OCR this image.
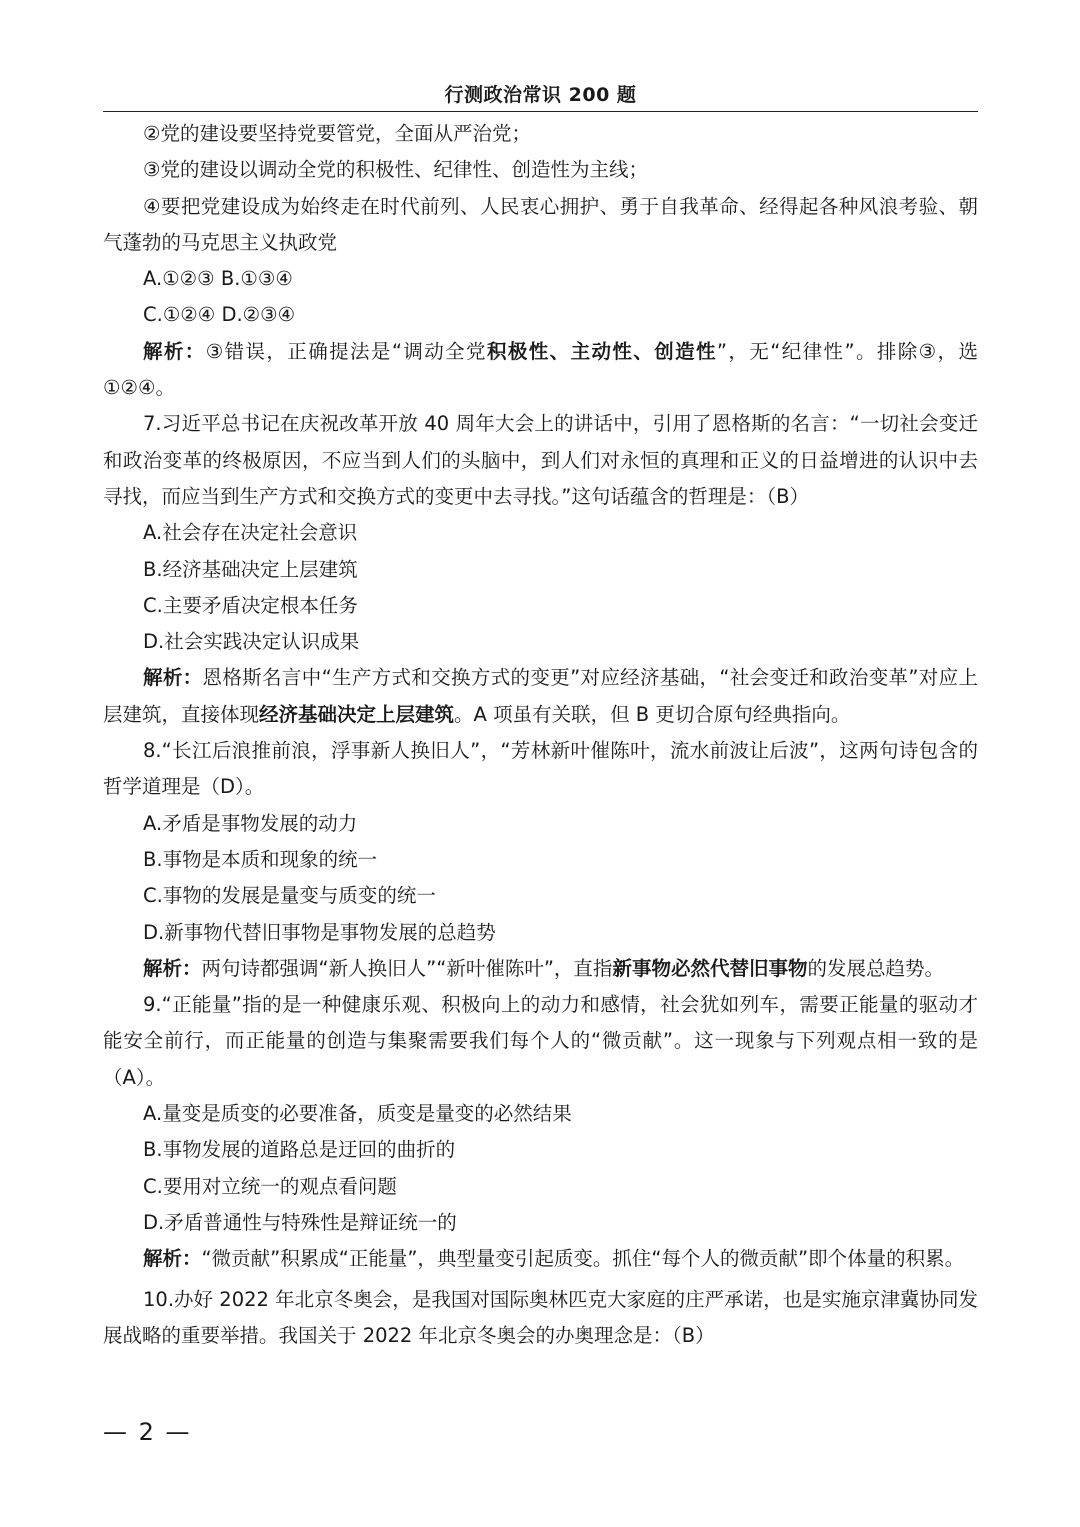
行测政治常识 200 题

②党的建设要坚持党要管党，全面从严治党；

③党的建设以调动全党的积极性、纪律性、创造性为主线；

④要把党建设成为始终走在时代前列、人民衷心拥护、勇于自我革命、经得起各种风浪考验、朝气蓬勃的马克思主义执政党

A.①②③ B.①③④

C.①②④ D.②③④

解析：③错误，正确提法是“调动全党积极性、主动性、创造性”，无“纪律性”。排除③，选①②④。

7.习近平总书记在庆祝改革开放 40 周年大会上的讲话中，引用了恩格斯的名言：“一切社会变迁和政治变革的终极原因，不应当到人们的头脑中，到人们对永恒的真理和正义的日益增进的认识中去寻找，而应当到生产方式和交换方式的变更中去寻找。”这句话蕴含的哲理是：（B）

A.社会存在决定社会意识

B.经济基础决定上层建筑

C.主要矛盾决定根本任务

D.社会实践决定认识成果

解析：恩格斯名言中“生产方式和交换方式的变更”对应经济基础，“社会变迁和政治变革”对应上层建筑，直接体现经济基础决定上层建筑。A 项虽有关联，但 B 更切合原句经典指向。

8.“长江后浪推前浪，浮事新人换旧人”，“芳林新叶催陈叶，流水前波让后波”，这两句诗包含的哲学道理是（D）。

A.矛盾是事物发展的动力

B.事物是本质和现象的统一

C.事物的发展是量变与质变的统一

D.新事物代替旧事物是事物发展的总趋势

解析：两句诗都强调“新人换旧人”“新叶催陈叶”，直指新事物必然代替旧事物的发展总趋势。

9.“正能量”指的是一种健康乐观、积极向上的动力和感情，社会犹如列车，需要正能量的驱动才能安全前行，而正能量的创造与集聚需要我们每个人的“微贡献”。这一现象与下列观点相一致的是（A）。

A.量变是质变的必要准备，质变是量变的必然结果

B.事物发展的道路总是迂回的曲折的

C.要用对立统一的观点看问题

D.矛盾普通性与特殊性是辩证统一的

解析：“微贡献”积累成“正能量”，典型量变引起质变。抓住“每个人的微贡献”即个体量的积累。

10.办好 2022 年北京冬奥会，是我国对国际奥林匹克大家庭的庄严承诺，也是实施京津冀协同发展战略的重要举措。我国关于 2022 年北京冬奥会的办奥理念是：（B）

— 2 —
